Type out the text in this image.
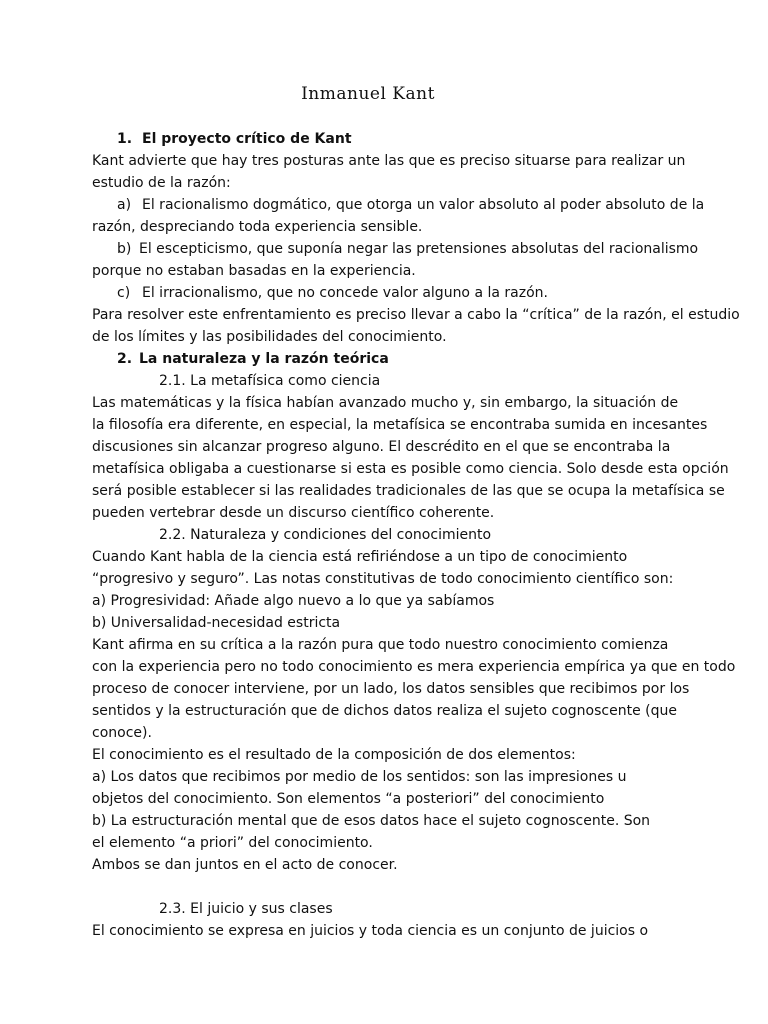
Inmanuel Kant
1. El proyecto crítico de Kant
Kant advierte que hay tres posturas ante las que es preciso situarse para realizar un
estudio de la razón:
a) El racionalismo dogmático, que otorga un valor absoluto al poder absoluto de la
razón, despreciando toda experiencia sensible.
b) El escepticismo, que suponía negar las pretensiones absolutas del racionalismo
porque no estaban basadas en la experiencia.
c) El irracionalismo, que no concede valor alguno a la razón.
Para resolver este enfrentamiento es preciso llevar a cabo la “crítica” de la razón, el estudio
de los límites y las posibilidades del conocimiento.
2. La naturaleza y la razón teórica
2.1. La metafísica como ciencia
Las matemáticas y la física habían avanzado mucho y, sin embargo, la situación de
la filosofía era diferente, en especial, la metafísica se encontraba sumida en incesantes
discusiones sin alcanzar progreso alguno. El descrédito en el que se encontraba la
metafísica obligaba a cuestionarse si esta es posible como ciencia. Solo desde esta opción
será posible establecer si las realidades tradicionales de las que se ocupa la metafísica se
pueden vertebrar desde un discurso científico coherente.
2.2. Naturaleza y condiciones del conocimiento
Cuando Kant habla de la ciencia está refiriéndose a un tipo de conocimiento
“progresivo y seguro”. Las notas constitutivas de todo conocimiento científico son:
a) Progresividad: Añade algo nuevo a lo que ya sabíamos
b) Universalidad-necesidad estricta
Kant afirma en su crítica a la razón pura que todo nuestro conocimiento comienza
con la experiencia pero no todo conocimiento es mera experiencia empírica ya que en todo
proceso de conocer interviene, por un lado, los datos sensibles que recibimos por los
sentidos y la estructuración que de dichos datos realiza el sujeto cognoscente (que
conoce).
El conocimiento es el resultado de la composición de dos elementos:
a) Los datos que recibimos por medio de los sentidos: son las impresiones u
objetos del conocimiento. Son elementos “a posteriori” del conocimiento
b) La estructuración mental que de esos datos hace el sujeto cognoscente. Son
el elemento “a priori” del conocimiento.
Ambos se dan juntos en el acto de conocer.
2.3. El juicio y sus clases
El conocimiento se expresa en juicios y toda ciencia es un conjunto de juicios o
